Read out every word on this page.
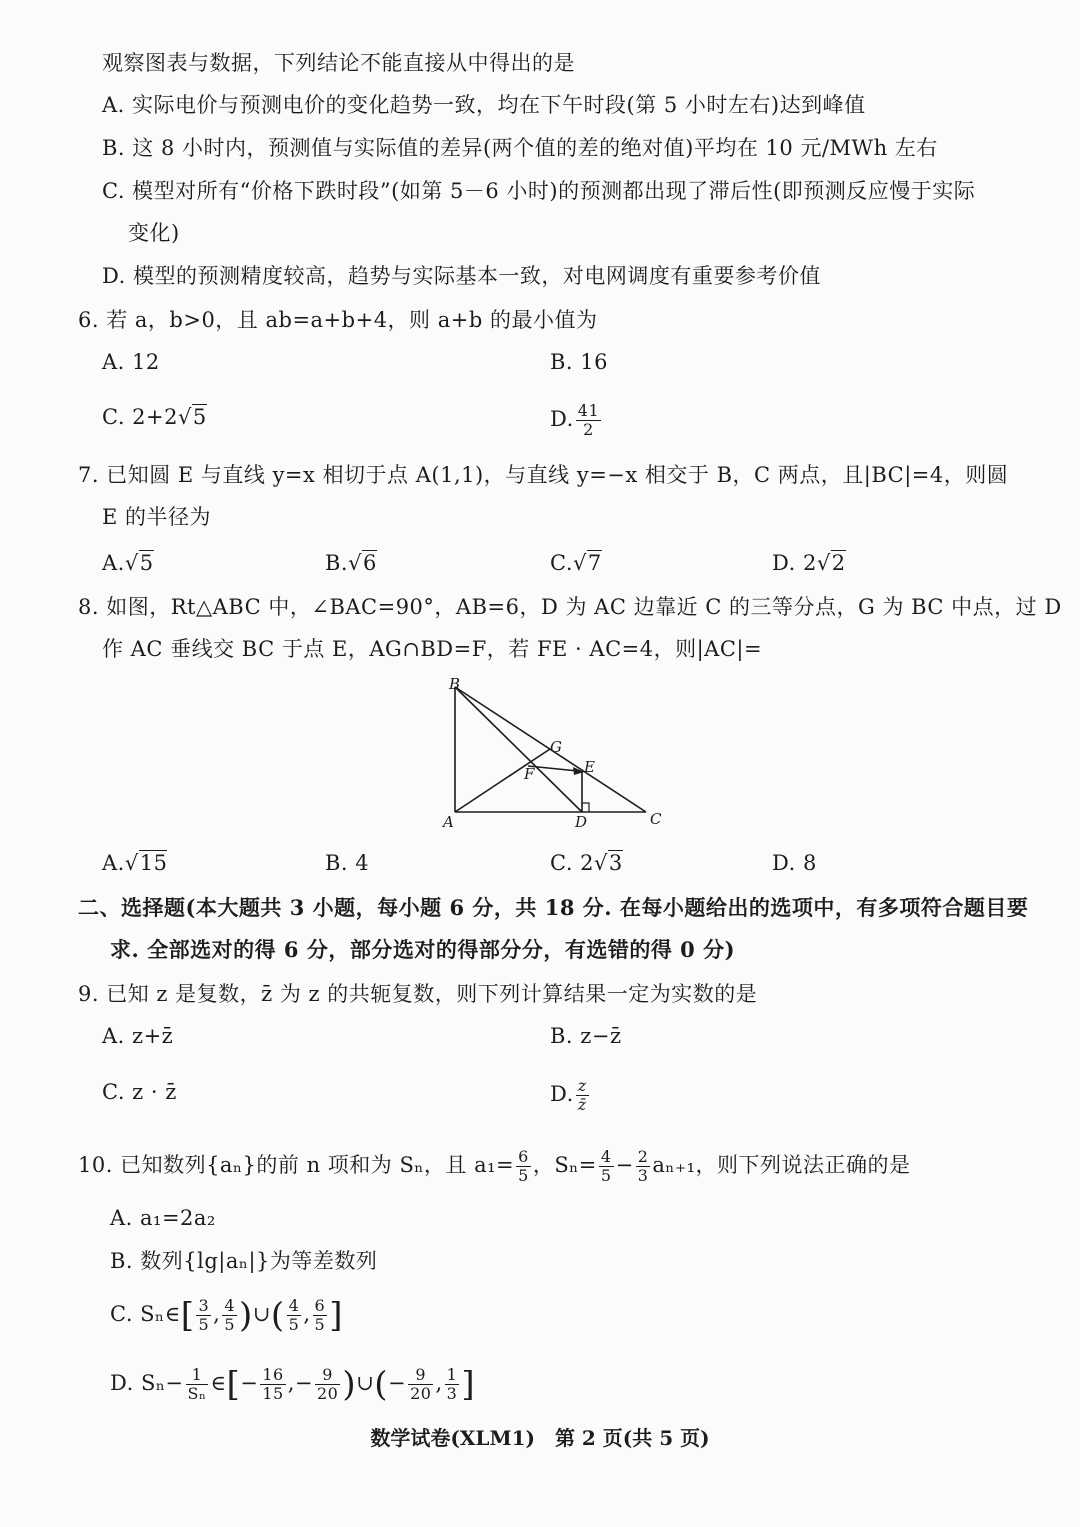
观察图表与数据，下列结论不能直接从中得出的是
A. 实际电价与预测电价的变化趋势一致，均在下午时段(第 5 小时左右)达到峰值
B. 这 8 小时内，预测值与实际值的差异(两个值的差的绝对值)平均在 10 元/MWh 左右
C. 模型对所有“价格下跌时段”(如第 5－6 小时)的预测都出现了滞后性(即预测反应慢于实际
变化)
D. 模型的预测精度较高，趋势与实际基本一致，对电网调度有重要参考价值
6. 若 a，b>0，且 ab=a+b+4，则 a+b 的最小值为
A. 12	B. 16
C. 2+2√5	D. $\frac{41}{2}$
7. 已知圆 E 与直线 y=x 相切于点 A(1,1)，与直线 y=−x 相交于 B，C 两点，且|BC|=4，则圆
E 的半径为
A.√5	B.√6	C.√7	D. 2√2
8. 如图，Rt△ABC 中，∠BAC=90°，AB=6，D 为 AC 边靠近 C 的三等分点，G 为 BC 中点，过 D
作 AC 垂线交 BC 于点 E，AG∩BD=F，若 FE · AC=4，则|AC|=
B
G
E
F
A	D	C
A.√15	B. 4	C. 2√3	D. 8
二、选择题(本大题共 3 小题，每小题 6 分，共 18 分. 在每小题给出的选项中，有多项符合题目要
求. 全部选对的得 6 分，部分选对的得部分分，有选错的得 0 分)
9. 已知 z 是复数，z̄ 为 z 的共轭复数，则下列计算结果一定为实数的是
A. z+z̄	B. z−z̄
C. z · z̄	D. $\frac{z}{z̄}$
10. 已知数列{aₙ}的前 n 项和为 Sₙ，且 $a_1= \frac{6}{5}$ ，$S_n= \frac{4}{5} - \frac{2}{3} a_{n+1}$，则下列说法正确的是
A. a₁=2a₂
B. 数列{lg|aₙ|}为等差数列
C. Sₙ∈[ $\frac{3}{5}$ , $\frac{4}{5}$ )∪( $\frac{4}{5}$ , $\frac{6}{5}$ ]
D. $S_n- \frac{1}{\text{Sₙ}}$ ∈[− $\frac{16}{15}$ ,− $\frac{9}{20}$ )∪(− $\frac{9}{20}$ , $\frac{1}{3}$ ]
数学试卷(XLM1)　第 2 页(共 5 页)
